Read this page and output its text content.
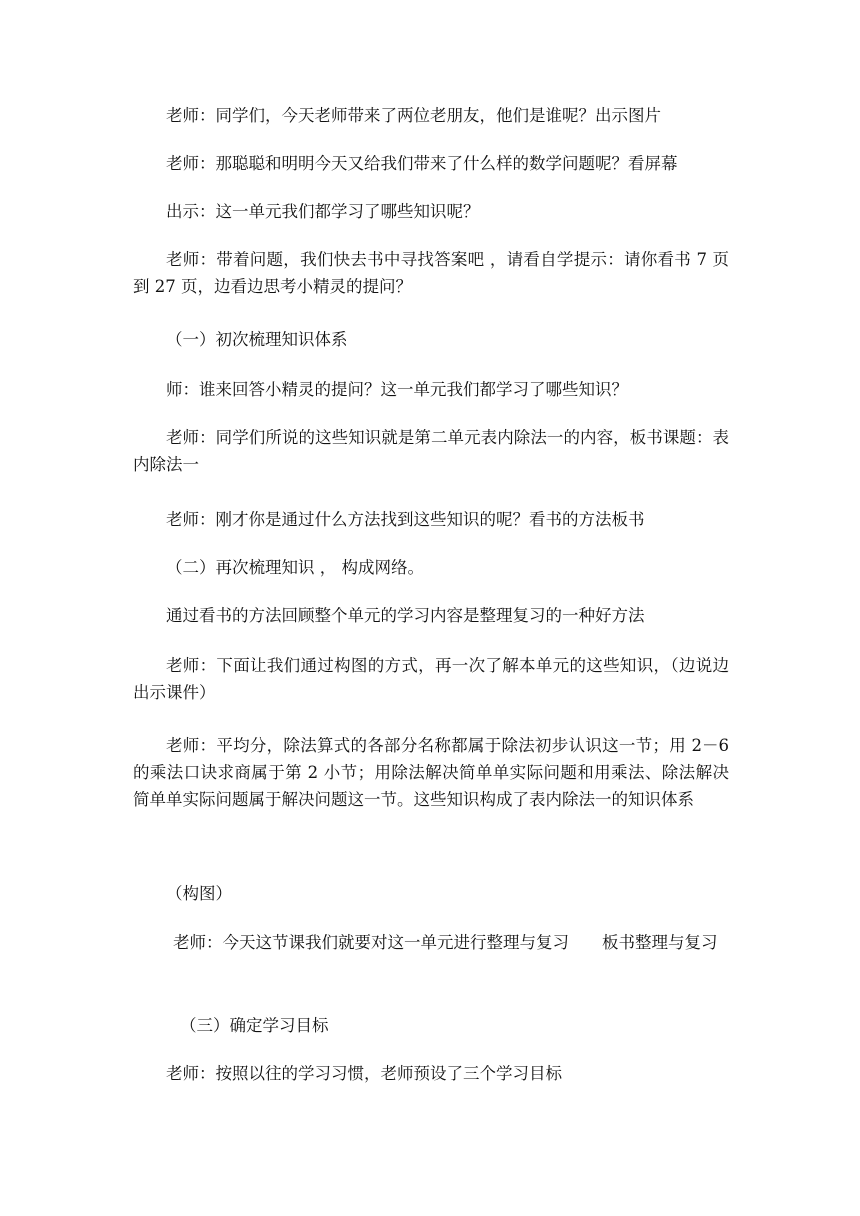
老师：同学们，今天老师带来了两位老朋友，他们是谁呢？出示图片

老师：那聪聪和明明今天又给我们带来了什么样的数学问题呢？看屏幕

出示：这一单元我们都学习了哪些知识呢？

老师：带着问题，我们快去书中寻找答案吧 ，请看自学提示：请你看书 7 页到 27 页，边看边思考小精灵的提问？

（一）初次梳理知识体系

师：谁来回答小精灵的提问？这一单元我们都学习了哪些知识？

老师：同学们所说的这些知识就是第二单元表内除法一的内容，板书课题：表内除法一

老师：刚才你是通过什么方法找到这些知识的呢？看书的方法板书

（二）再次梳理知识 ， 构成网络。

通过看书的方法回顾整个单元的学习内容是整理复习的一种好方法

老师：下面让我们通过构图的方式，再一次了解本单元的这些知识，（边说边出示课件）

老师：平均分，除法算式的各部分名称都属于除法初步认识这一节；用 2－6 的乘法口诀求商属于第 2 小节；用除法解决简单单实际问题和用乘法、除法解决简单单实际问题属于解决问题这一节。这些知识构成了表内除法一的知识体系

（构图）

老师：今天这节课我们就要对这一单元进行整理与复习　　板书整理与复习

（三）确定学习目标

老师：按照以往的学习习惯，老师预设了三个学习目标
